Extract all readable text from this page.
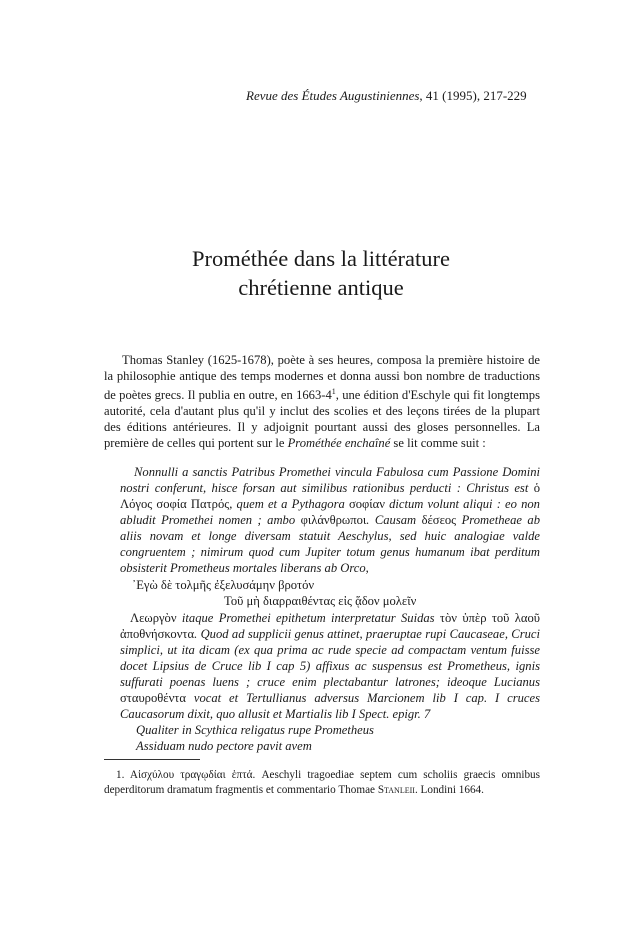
Revue des Études Augustiniennes, 41 (1995), 217-229
Prométhée dans la littérature
chrétienne antique

Thomas Stanley (1625-1678), poète à ses heures, composa la première histoire de la philosophie antique des temps modernes et donna aussi bon nombre de traductions de poètes grecs. Il publia en outre, en $1663-4^1$, une édition d'Eschyle qui fit longtemps autorité, cela d'autant plus qu'il y inclut des scolies et des leçons tirées de la plupart des éditions antérieures. Il y adjoignit pourtant aussi des gloses personnelles. La première de celles qui portent sur le Prométhée enchaîné se lit comme suit :

Nonnulli a sanctis Patribus Promethei vincula Fabulosa cum Passione Domini nostri conferunt, hisce forsan aut similibus rationibus perducti : Christus est ὁ Λόγος σοφία Πατρός, quem et a Pythagora σοφίαν dictum volunt aliqui : eo non abludit Promethei nomen ; ambo φιλάνθρωποι. Causam δέσεος Prometheae ab aliis novam et longe diversam statuit Aeschylus, sed huic analogiae valde congruentem ; nimirum quod cum Jupiter totum genus humanum ibat perditum obsisterit Prometheus mortales liberans ab Orco,

᾿Εγὼ δὲ τολμῆς ἐξελυσάμην βροτόν
Τοῦ μὴ διαρραιθέντας εἰς ᾅδον μολεῖν

Λεωργὸν itaque Promethei epithetum interpretatur Suidas τὸν ὑπὲρ τοῦ λαοῦ ἀποθνήσκοντα. Quod ad supplicii genus attinet, praeruptae rupi Caucaseae, Cruci simplici, ut ita dicam (ex qua prima ac rude specie ad compactam ventum fuisse docet Lipsius de Cruce lib I cap 5) affixus ac suspensus est Prometheus, ignis suffurati poenas luens ; cruce enim plectabantur latrones; ideoque Lucianus σταυροθέντα vocat et Tertullianus adversus Marcionem lib I cap. I cruces Caucasorum dixit, quo allusit et Martialis lib I Spect. epigr. 7

Qualiter in Scythica religatus rupe Prometheus
Assiduam nudo pectore pavit avem

1. Αἰσχύλου τραγῳδίαι ἑπτά. Aeschyli tragoediae septem cum scholiis graecis omnibus deperditorum dramatum fragmentis et commentario Thomae Stanleii. Londini 1664.
